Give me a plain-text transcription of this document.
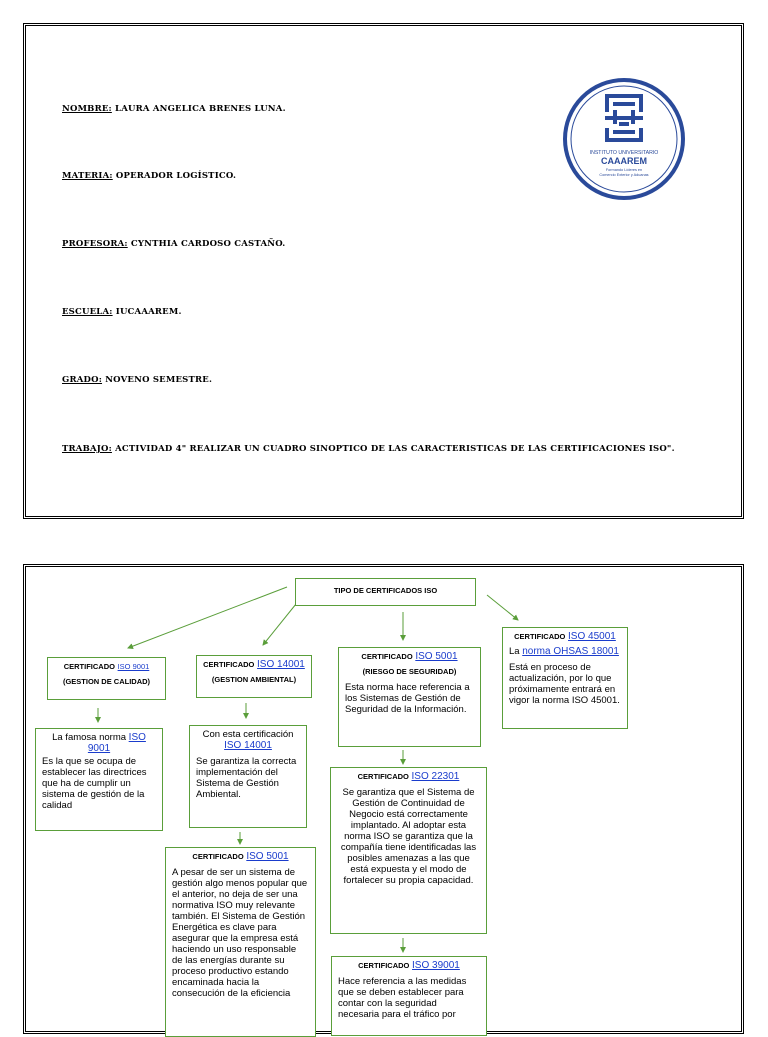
NOMBRE: LAURA ANGELICA BRENES LUNA.
MATERIA: OPERADOR LOGÍSTICO.
PROFESORA: CYNTHIA CARDOSO CASTAÑO.
ESCUELA: IUCAAAREM.
GRADO: NOVENO SEMESTRE.
TRABAJO: ACTIVIDAD 4" REALIZAR UN CUADRO SINOPTICO DE LAS CARACTERISTICAS DE LAS CERTIFICACIONES ISO".
INSTITUTO UNIVERSITARIO
CAAAREM
Formando Líderes en
Comercio Exterior y Aduanas
TIPO DE CERTIFICADOS ISO
CERTIFICADO ISO 9001
(GESTION DE CALIDAD)
La famosa norma ISO 9001
Es la que se ocupa de establecer las directrices que ha de cumplir un sistema de gestión de la calidad
CERTIFICADO ISO 14001
(GESTION AMBIENTAL)
Con esta certificación
ISO 14001
Se garantiza la correcta implementación del Sistema de Gestión Ambiental.
CERTIFICADO ISO 5001
A pesar de ser un sistema de gestión algo menos popular que el anterior, no deja de ser una normativa ISO muy relevante también. El Sistema de Gestión Energética es clave para asegurar que la empresa está haciendo un uso responsable de las energías durante su proceso productivo estando encaminada hacia la consecución de la eficiencia
CERTIFICADO ISO 5001
(RIESGO DE SEGURIDAD)
Esta norma hace referencia a los Sistemas de Gestión de Seguridad de la Información.
CERTIFICADO ISO 22301
Se garantiza que el Sistema de Gestión de Continuidad de Negocio está correctamente implantado. Al adoptar esta norma ISO se garantiza que la compañía tiene identificadas las posibles amenazas a las que está expuesta y el modo de fortalecer su propia capacidad.
CERTIFICADO ISO 39001
Hace referencia a las medidas que se deben establecer para contar con la seguridad necesaria para el tráfico por
CERTIFICADO ISO 45001
La norma OHSAS 18001
Está en proceso de actualización, por lo que próximamente entrará en vigor la norma ISO 45001.
